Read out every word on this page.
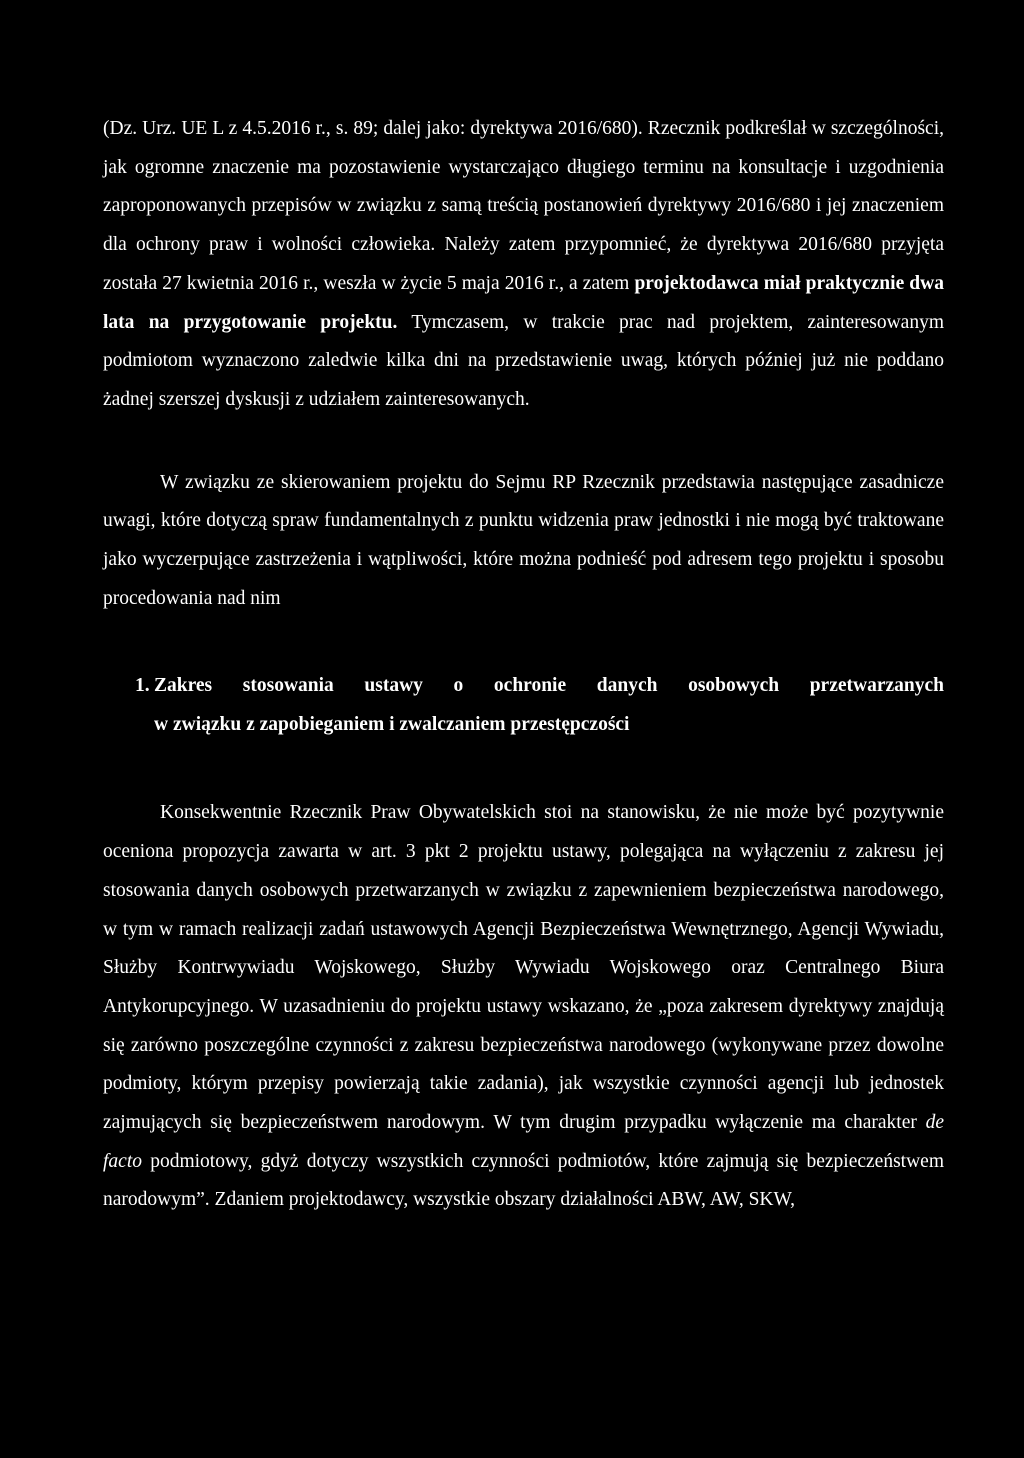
(Dz. Urz. UE L z 4.5.2016 r., s. 89; dalej jako: dyrektywa 2016/680). Rzecznik podkreślał w szczególności, jak ogromne znaczenie ma pozostawienie wystarczająco długiego terminu na konsultacje i uzgodnienia zaproponowanych przepisów w związku z samą treścią postanowień dyrektywy 2016/680 i jej znaczeniem dla ochrony praw i wolności człowieka. Należy zatem przypomnieć, że dyrektywa 2016/680 przyjęta została 27 kwietnia 2016 r., weszła w życie 5 maja 2016 r., a zatem projektodawca miał praktycznie dwa lata na przygotowanie projektu. Tymczasem, w trakcie prac nad projektem, zainteresowanym podmiotom wyznaczono zaledwie kilka dni na przedstawienie uwag, których później już nie poddano żadnej szerszej dyskusji z udziałem zainteresowanych.

W związku ze skierowaniem projektu do Sejmu RP Rzecznik przedstawia następujące zasadnicze uwagi, które dotyczą spraw fundamentalnych z punktu widzenia praw jednostki i nie mogą być traktowane jako wyczerpujące zastrzeżenia i wątpliwości, które można podnieść pod adresem tego projektu i sposobu procedowania nad nim

1. Zakres stosowania ustawy o ochronie danych osobowych przetwarzanych
w związku z zapobieganiem i zwalczaniem przestępczości

Konsekwentnie Rzecznik Praw Obywatelskich stoi na stanowisku, że nie może być pozytywnie oceniona propozycja zawarta w art. 3 pkt 2 projektu ustawy, polegająca na wyłączeniu z zakresu jej stosowania danych osobowych przetwarzanych w związku z zapewnieniem bezpieczeństwa narodowego, w tym w ramach realizacji zadań ustawowych Agencji Bezpieczeństwa Wewnętrznego, Agencji Wywiadu, Służby Kontrwywiadu Wojskowego, Służby Wywiadu Wojskowego oraz Centralnego Biura Antykorupcyjnego. W uzasadnieniu do projektu ustawy wskazano, że „poza zakresem dyrektywy znajdują się zarówno poszczególne czynności z zakresu bezpieczeństwa narodowego (wykonywane przez dowolne podmioty, którym przepisy powierzają takie zadania), jak wszystkie czynności agencji lub jednostek zajmujących się bezpieczeństwem narodowym. W tym drugim przypadku wyłączenie ma charakter de facto podmiotowy, gdyż dotyczy wszystkich czynności podmiotów, które zajmują się bezpieczeństwem narodowym”. Zdaniem projektodawcy, wszystkie obszary działalności ABW, AW, SKW,
